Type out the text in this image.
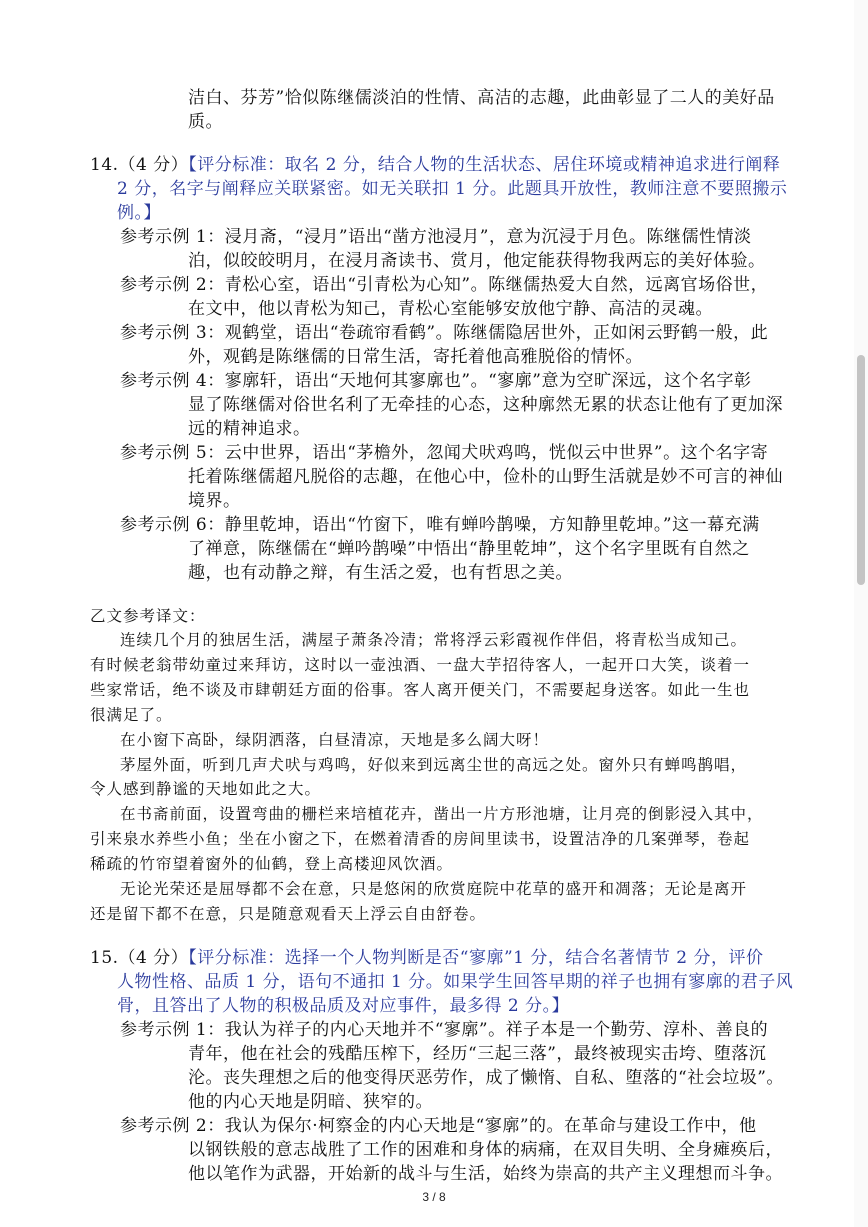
洁白、芬芳”恰似陈继儒淡泊的性情、高洁的志趣，此曲彰显了二人的美好品
质。
14.（4 分）【评分标准：取名 2 分，结合人物的生活状态、居住环境或精神追求进行阐释
2 分，名字与阐释应关联紧密。如无关联扣 1 分。此题具开放性，教师注意不要照搬示
例。】
参考示例 1：浸月斋，“浸月”语出“凿方池浸月”，意为沉浸于月色。陈继儒性情淡
泊，似皎皎明月，在浸月斋读书、赏月，他定能获得物我两忘的美好体验。
参考示例 2：青松心室，语出“引青松为心知”。陈继儒热爱大自然，远离官场俗世，
在文中，他以青松为知己，青松心室能够安放他宁静、高洁的灵魂。
参考示例 3：观鹤堂，语出“卷疏帘看鹤”。陈继儒隐居世外，正如闲云野鹤一般，此
外，观鹤是陈继儒的日常生活，寄托着他高雅脱俗的情怀。
参考示例 4：寥廓轩，语出“天地何其寥廓也”。“寥廓”意为空旷深远，这个名字彰
显了陈继儒对俗世名利了无牵挂的心态，这种廓然无累的状态让他有了更加深
远的精神追求。
参考示例 5：云中世界，语出“茅檐外，忽闻犬吠鸡鸣，恍似云中世界”。这个名字寄
托着陈继儒超凡脱俗的志趣，在他心中，俭朴的山野生活就是妙不可言的神仙
境界。
参考示例 6：静里乾坤，语出“竹窗下，唯有蝉吟鹊噪，方知静里乾坤。”这一幕充满
了禅意，陈继儒在“蝉吟鹊噪”中悟出“静里乾坤”，这个名字里既有自然之
趣，也有动静之辩，有生活之爱，也有哲思之美。
乙文参考译文：
连续几个月的独居生活，满屋子萧条冷清；常将浮云彩霞视作伴侣，将青松当成知己。
有时候老翁带幼童过来拜访，这时以一壶浊酒、一盘大芋招待客人，一起开口大笑，谈着一
些家常话，绝不谈及市肆朝廷方面的俗事。客人离开便关门，不需要起身送客。如此一生也
很满足了。
在小窗下高卧，绿阴洒落，白昼清凉，天地是多么阔大呀！
茅屋外面，听到几声犬吠与鸡鸣，好似来到远离尘世的高远之处。窗外只有蝉鸣鹊唱，
令人感到静谧的天地如此之大。
在书斋前面，设置弯曲的栅栏来培植花卉，凿出一片方形池塘，让月亮的倒影浸入其中，
引来泉水养些小鱼；坐在小窗之下，在燃着清香的房间里读书，设置洁净的几案弹琴，卷起
稀疏的竹帘望着窗外的仙鹤，登上高楼迎风饮酒。
无论光荣还是屈辱都不会在意，只是悠闲的欣赏庭院中花草的盛开和凋落；无论是离开
还是留下都不在意，只是随意观看天上浮云自由舒卷。
15.（4 分）【评分标准：选择一个人物判断是否“寥廓”1 分，结合名著情节 2 分，评价
人物性格、品质 1 分，语句不通扣 1 分。如果学生回答早期的祥子也拥有寥廓的君子风
骨，且答出了人物的积极品质及对应事件，最多得 2 分。】
参考示例 1：我认为祥子的内心天地并不“寥廓”。祥子本是一个勤劳、淳朴、善良的
青年，他在社会的残酷压榨下，经历“三起三落”，最终被现实击垮、堕落沉
沦。丧失理想之后的他变得厌恶劳作，成了懒惰、自私、堕落的“社会垃圾”。
他的内心天地是阴暗、狭窄的。
参考示例 2：我认为保尔·柯察金的内心天地是“寥廓”的。在革命与建设工作中，他
以钢铁般的意志战胜了工作的困难和身体的病痛，在双目失明、全身瘫痪后，
他以笔作为武器，开始新的战斗与生活，始终为崇高的共产主义理想而斗争。
3 / 8
